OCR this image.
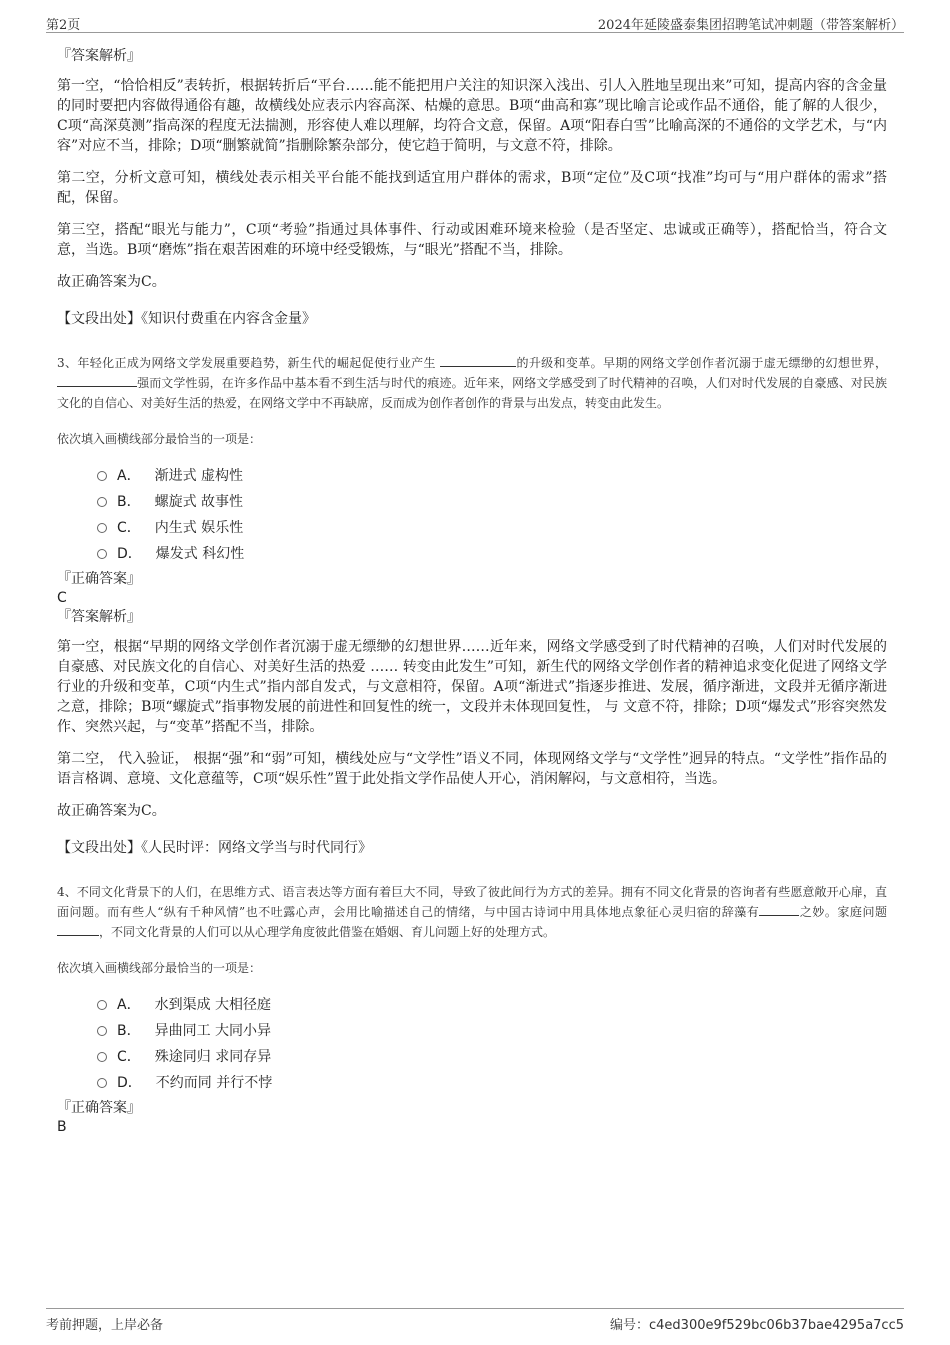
第2页	2024年延陵盛泰集团招聘笔试冲刺题（带答案解析）

『答案解析』

第一空，“恰恰相反”表转折，根据转折后“平台……能不能把用户关注的知识深入浅出、引人入胜地呈现出来”可知，提高内容的含金量的同时要把内容做得通俗有趣，故横线处应表示内容高深、枯燥的意思。B项“曲高和寡”现比喻言论或作品不通俗，能了解的人很少，C项“高深莫测”指高深的程度无法揣测，形容使人难以理解，均符合文意，保留。A项“阳春白雪”比喻高深的不通俗的文学艺术，与“内容”对应不当，排除；D项“删繁就简”指删除繁杂部分，使它趋于简明，与文意不符，排除。

第二空，分析文意可知，横线处表示相关平台能不能找到适宜用户群体的需求，B项“定位”及C项“找准”均可与“用户群体的需求”搭配，保留。

第三空，搭配“眼光与能力”，C项“考验”指通过具体事件、行动或困难环境来检验（是否坚定、忠诚或正确等），搭配恰当，符合文意，当选。B项“磨炼”指在艰苦困难的环境中经受锻炼，与“眼光”搭配不当，排除。

故正确答案为C。

【文段出处】《知识付费重在内容含金量》

3、年轻化正成为网络文学发展重要趋势，新生代的崛起促使行业产生	的升级和变革。早期的网络文学创作者沉溺于虚无缥缈的幻想世界， 强而文学性弱，在许多作品中基本看不到生活与时代的痕迹。近年来，网络文学感受到了时代精神的召唤，人们对时代发展的自豪感、对民族文化的自信心、对美好生活的热爱，在网络文学中不再缺席，反而成为创作者创作的背景与出发点，转变由此发生。

依次填入画横线部分最恰当的一项是：

A． 渐进式 虚构性
B． 螺旋式 故事性
C． 内生式 娱乐性
D． 爆发式 科幻性

『正确答案』

C

『答案解析』

第一空，根据“早期的网络文学创作者沉溺于虚无缥缈的幻想世界……近年来，网络文学感受到了时代精神的召唤，人们对时代发展的自豪感、对民族文化的自信心、对美好生活的热爱 …… 转变由此发生”可知，新生代的网络文学创作者的精神追求变化促进了网络文学行业的升级和变革，C项“内生式”指内部自发式，与文意相符，保留。A项“渐进式”指逐步推进、发展，循序渐进，文段并无循序渐进之意，排除；B项“螺旋式”指事物发展的前进性和回复性的统一，文段并未体现回复性， 与 文意不符，排除；D项“爆发式”形容突然发作、突然兴起，与“变革”搭配不当，排除。

第二空， 代入验证， 根据“强”和“弱”可知，横线处应与“文学性”语义不同，体现网络文学与“文学性”迥异的特点。“文学性”指作品的语言格调、意境、文化意蕴等，C项“娱乐性”置于此处指文学作品使人开心，消闲解闷，与文意相符，当选。

故正确答案为C。

【文段出处】《人民时评：网络文学当与时代同行》

4、不同文化背景下的人们，在思维方式、语言表达等方面有着巨大不同，导致了彼此间行为方式的差异。拥有不同文化背景的咨询者有些愿意敞开心扉，直面问题。而有些人“纵有千种风情”也不吐露心声，会用比喻描述自己的情绪，与中国古诗词中用具体地点象征心灵归宿的辞藻有	之妙。家庭问题，不同文化背景的人们可以从心理学角度彼此借鉴在婚姻、育儿问题上好的处理方式。

依次填入画横线部分最恰当的一项是：

A． 水到渠成 大相径庭
B． 异曲同工 大同小异
C． 殊途同归 求同存异
D． 不约而同 并行不悖

『正确答案』

B

考前押题，上岸必备	编号：c4ed300e9f529bc06b37bae4295a7cc5
